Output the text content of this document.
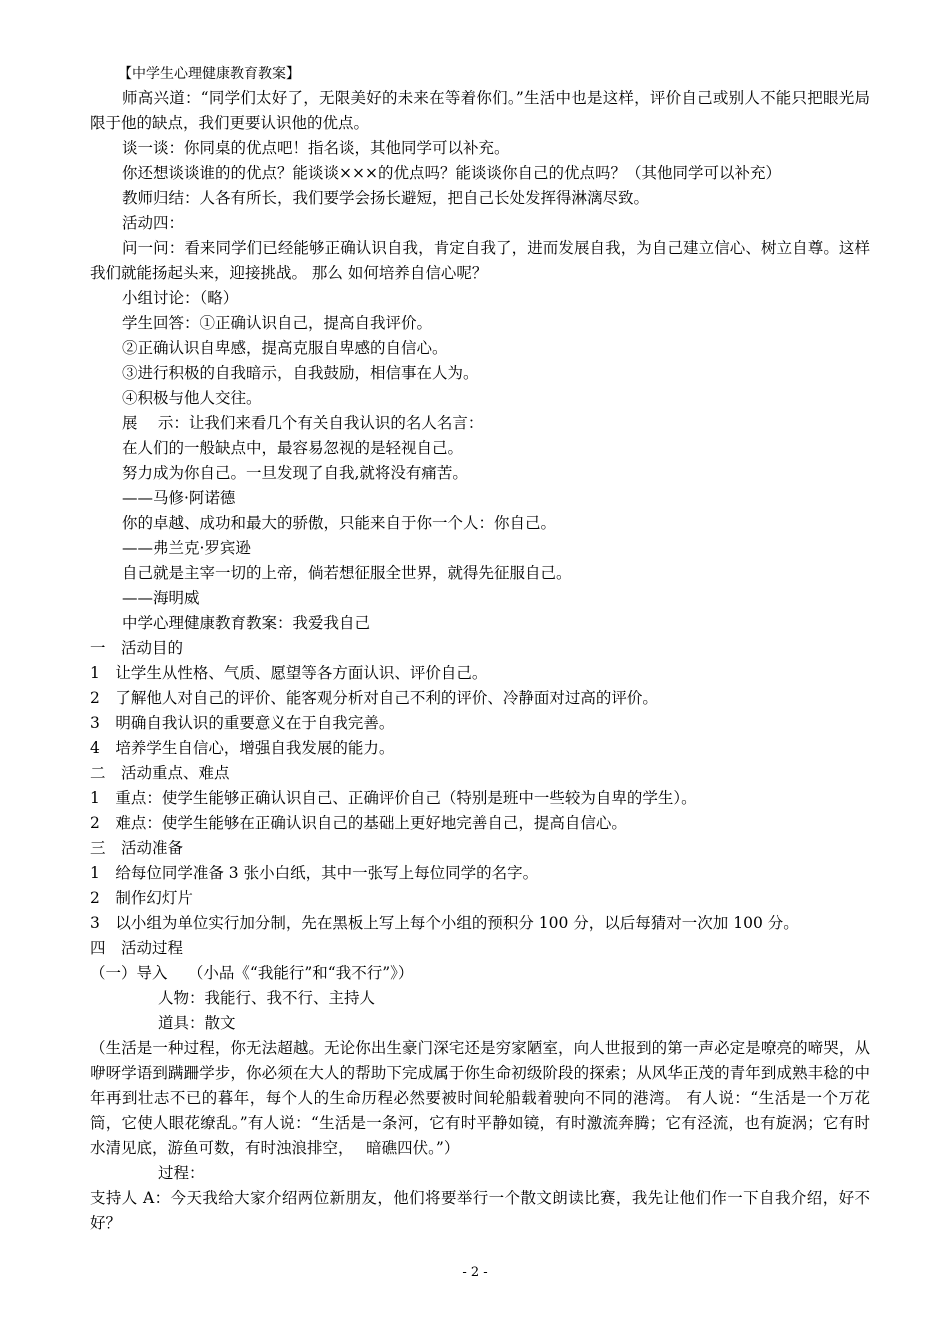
【中学生心理健康教育教案】
师高兴道：“同学们太好了，无限美好的未来在等着你们。”生活中也是这样，评价自己或别人不能只把眼光局限于他的缺点，我们更要认识他的优点。
谈一谈：你同桌的优点吧！指名谈，其他同学可以补充。
你还想谈谈谁的的优点？能谈谈×××的优点吗？能谈谈你自己的优点吗？（其他同学可以补充）
教师归结：人各有所长，我们要学会扬长避短，把自己长处发挥得淋漓尽致。
活动四：
问一问：看来同学们已经能够正确认识自我，肯定自我了，进而发展自我，为自己建立信心、树立自尊。这样我们就能扬起头来，迎接挑战。 那么 如何培养自信心呢？
小组讨论：（略）
学生回答：①正确认识自己，提高自我评价。
②正确认识自卑感，提高克服自卑感的自信心。
③进行积极的自我暗示，自我鼓励，相信事在人为。
④积极与他人交往。
展　 示：让我们来看几个有关自我认识的名人名言：
在人们的一般缺点中，最容易忽视的是轻视自己。
努力成为你自己。一旦发现了自我,就将没有痛苦。
——马修·阿诺德
你的卓越、成功和最大的骄傲，只能来自于你一个人：你自己。
——弗兰克·罗宾逊
自己就是主宰一切的上帝，倘若想征服全世界，就得先征服自己。
——海明威
中学心理健康教育教案：我爱我自己
一　活动目的
1　让学生从性格、气质、愿望等各方面认识、评价自己。
2　了解他人对自己的评价、能客观分析对自己不利的评价、冷静面对过高的评价。
3　明确自我认识的重要意义在于自我完善。
4　培养学生自信心，增强自我发展的能力。
二　活动重点、难点
1　重点：使学生能够正确认识自己、正确评价自己（特别是班中一些较为自卑的学生）。
2　难点：使学生能够在正确认识自己的基础上更好地完善自己，提高自信心。
三　活动准备
1　给每位同学准备 3 张小白纸，其中一张写上每位同学的名字。
2　制作幻灯片
3　以小组为单位实行加分制，先在黑板上写上每个小组的预积分 100 分，以后每猜对一次加 100 分。
四　活动过程
（一）导入　 （小品《“我能行”和“我不行”》）
人物：我能行、我不行、主持人
道具：散文
（生活是一种过程，你无法超越。无论你出生豪门深宅还是穷家陋室，向人世报到的第一声必定是嘹亮的啼哭，从咿呀学语到蹒跚学步，你必须在大人的帮助下完成属于你生命初级阶段的探索；从风华正茂的青年到成熟丰稔的中年再到壮志不已的暮年，每个人的生命历程必然要被时间轮船载着驶向不同的港湾。 有人说：“生活是一个万花筒，它使人眼花缭乱。”有人说：“生活是一条河，它有时平静如镜，有时激流奔腾；它有泾流，也有旋涡；它有时水清见底，游鱼可数，有时浊浪排空，　 暗礁四伏。”）
过程：
支持人 A：今天我给大家介绍两位新朋友，他们将要举行一个散文朗读比赛，我先让他们作一下自我介绍，好不好？
- 2 -
